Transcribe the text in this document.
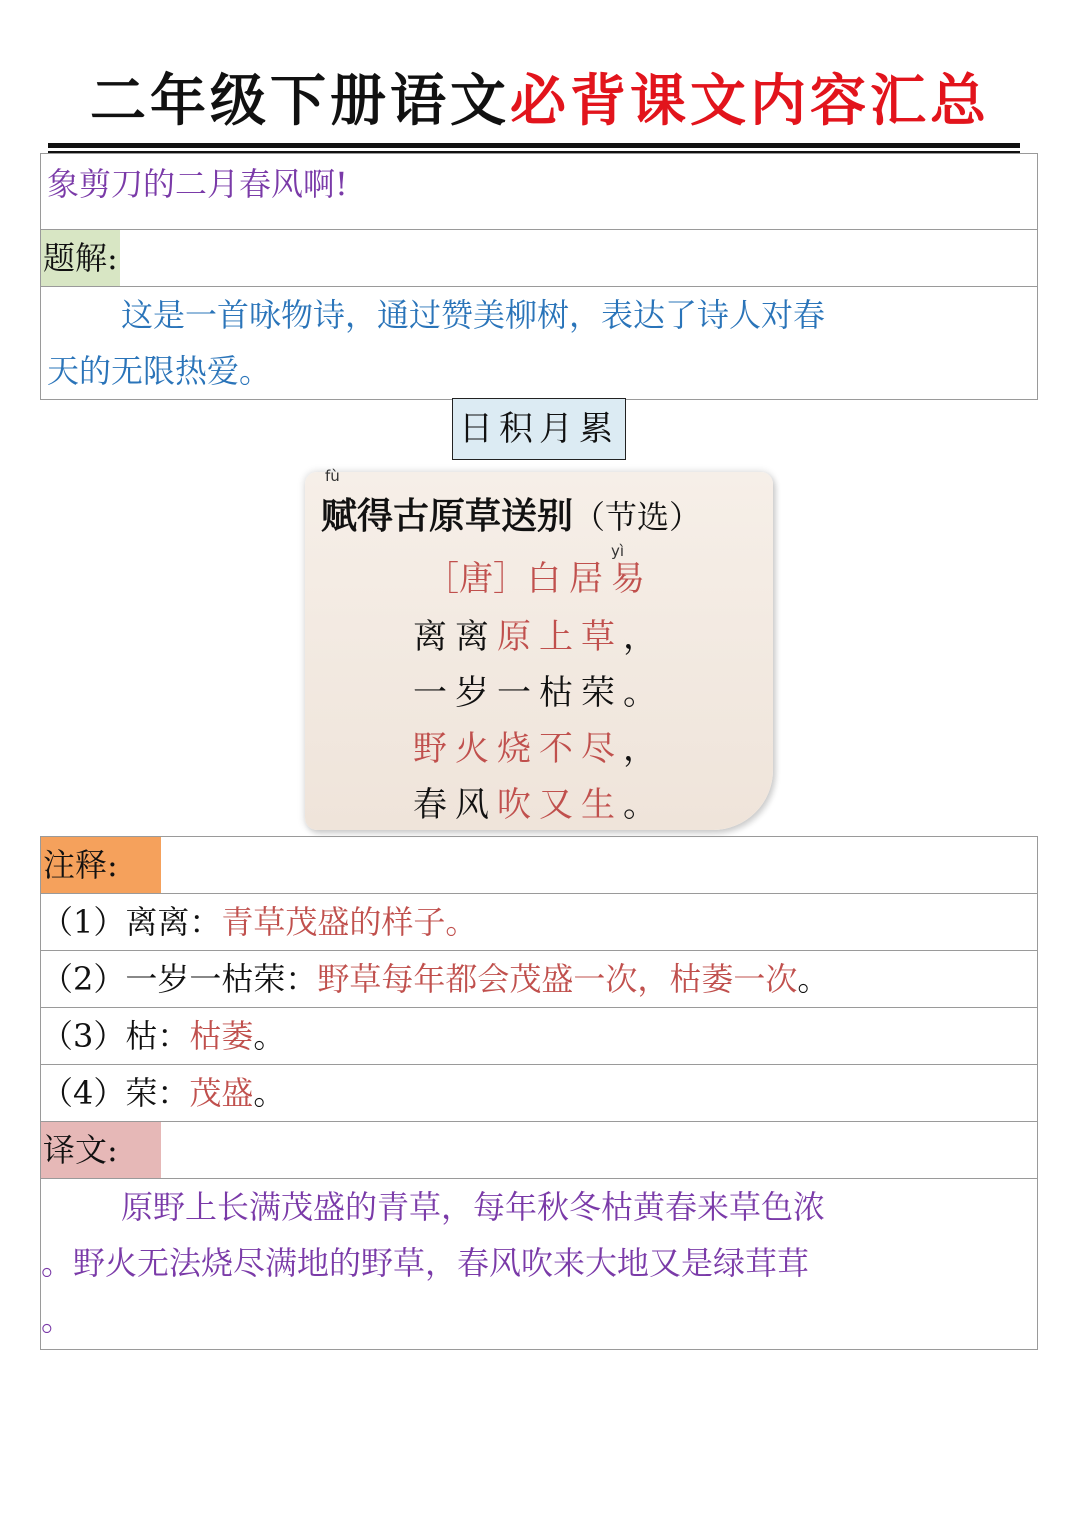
二年级下册语文必背课文内容汇总
象剪刀的二月春风啊!
题解:
这是一首咏物诗，通过赞美柳树，表达了诗人对春
天的无限热爱。
日积月累
fù
赋得古原草送别（节选）
yì
［唐］白居易
离离原上草，
一岁一枯荣。
野火烧不尽，
春风吹又生。
注释:
（1）离离：青草茂盛的样子。
（2）一岁一枯荣：野草每年都会茂盛一次，枯萎一次。
（3）枯：枯萎。
（4）荣：茂盛。
译文:
原野上长满茂盛的青草，每年秋冬枯黄春来草色浓
。野火无法烧尽满地的野草，春风吹来大地又是绿茸茸
。
